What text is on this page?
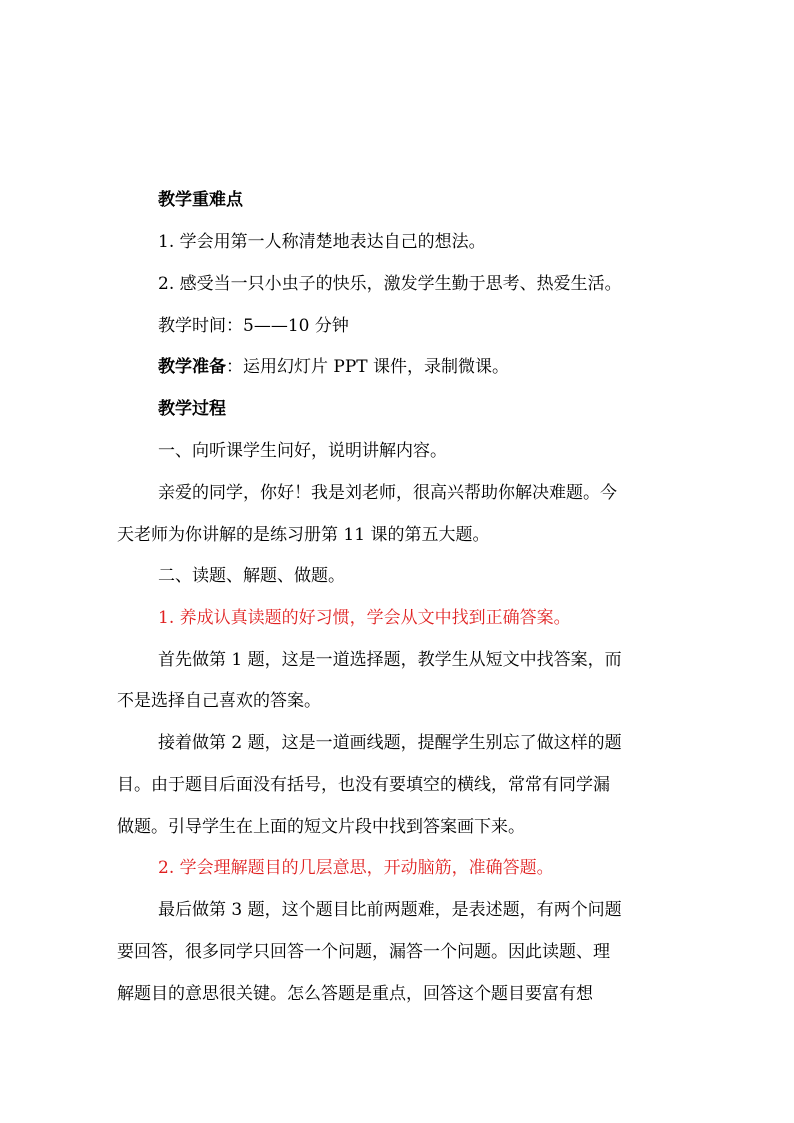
教学重难点
1. 学会用第一人称清楚地表达自己的想法。
2. 感受当一只小虫子的快乐，激发学生勤于思考、热爱生活。
教学时间：5——10 分钟
教学准备：运用幻灯片 PPT 课件，录制微课。
教学过程
一、向听课学生问好，说明讲解内容。
亲爱的同学，你好！我是刘老师，很高兴帮助你解决难题。今
天老师为你讲解的是练习册第 11 课的第五大题。
二、读题、解题、做题。
1. 养成认真读题的好习惯，学会从文中找到正确答案。
首先做第 1 题，这是一道选择题，教学生从短文中找答案，而
不是选择自己喜欢的答案。
接着做第 2 题，这是一道画线题，提醒学生别忘了做这样的题
目。由于题目后面没有括号，也没有要填空的横线，常常有同学漏
做题。引导学生在上面的短文片段中找到答案画下来。
2. 学会理解题目的几层意思，开动脑筋，准确答题。
最后做第 3 题，这个题目比前两题难，是表述题，有两个问题
要回答，很多同学只回答一个问题，漏答一个问题。因此读题、理
解题目的意思很关键。怎么答题是重点，回答这个题目要富有想
